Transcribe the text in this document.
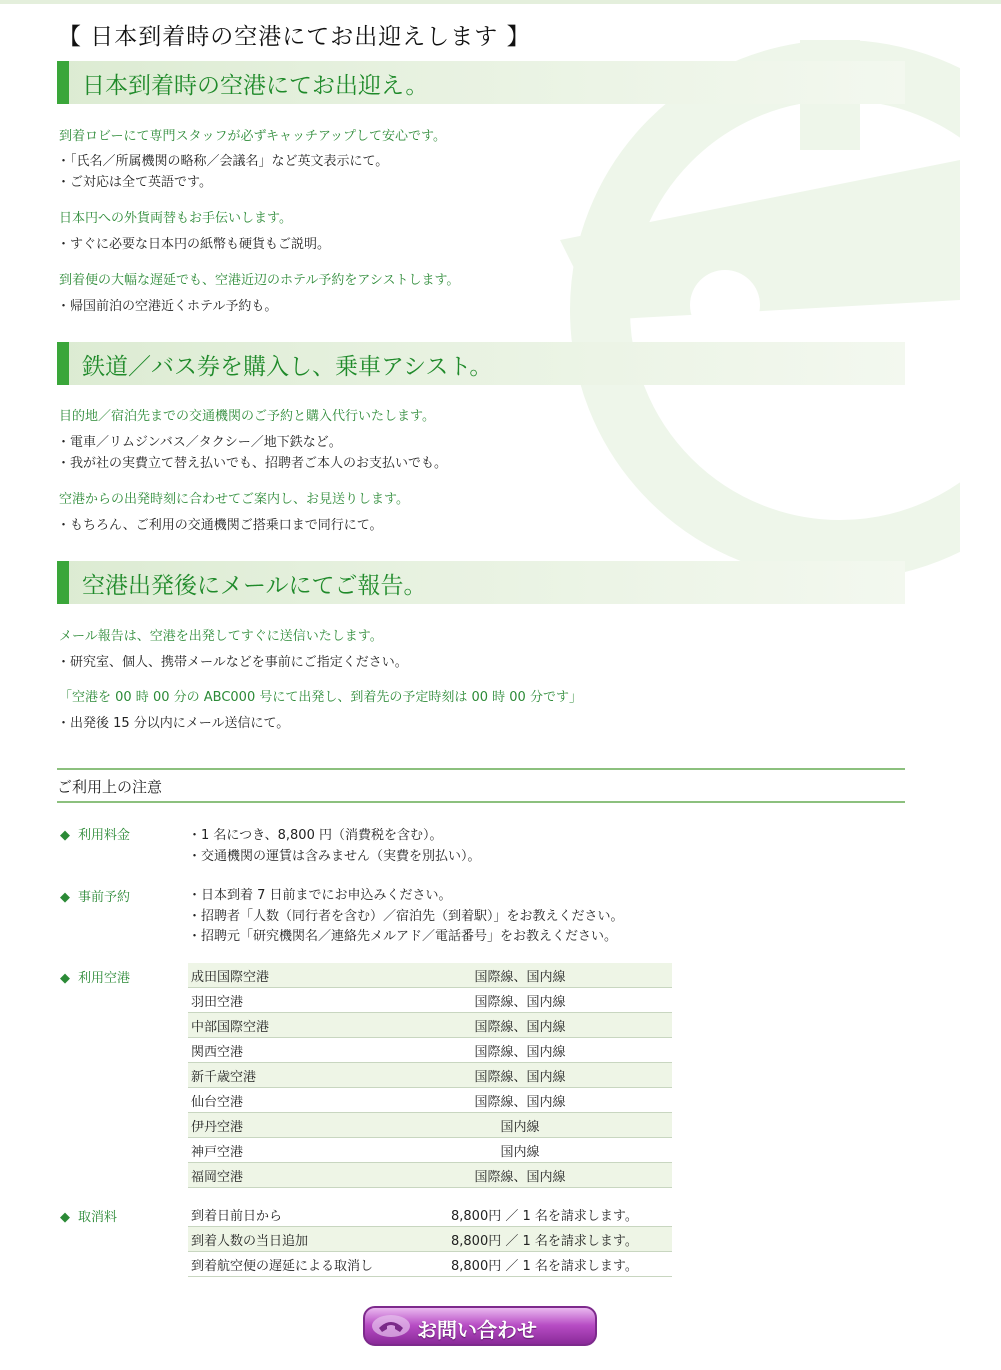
【 日本到着時の空港にてお出迎えします 】
日本到着時の空港にてお出迎え。
到着ロビーにて専門スタッフが必ずキャッチアップして安心です。
・「氏名／所属機関の略称／会議名」など英文表示にて。
・ご対応は全て英語です。
日本円への外貨両替もお手伝いします。
・すぐに必要な日本円の紙幣も硬貨もご説明。
到着便の大幅な遅延でも、空港近辺のホテル予約をアシストします。
・帰国前泊の空港近くホテル予約も。
鉄道／バス券を購入し、乗車アシスト。
目的地／宿泊先までの交通機関のご予約と購入代行いたします。
・電車／リムジンバス／タクシー／地下鉄など。
・我が社の実費立て替え払いでも、招聘者ご本人のお支払いでも。
空港からの出発時刻に合わせてご案内し、お見送りします。
・もちろん、ご利用の交通機関ご搭乗口まで同行にて。
空港出発後にメールにてご報告。
メール報告は、空港を出発してすぐに送信いたします。
・研究室、個人、携帯メールなどを事前にご指定ください。
「空港を 00 時 00 分の ABC000 号にて出発し、到着先の予定時刻は 00 時 00 分です」
・出発後 15 分以内にメール送信にて。
ご利用上の注意
◆ 利用料金	・1 名につき、8,800 円（消費税を含む）。
・交通機関の運賃は含みません（実費を別払い）。
◆ 事前予約	・日本到着 7 日前までにお申込みください。
・招聘者「人数（同行者を含む）／宿泊先（到着駅）」をお教えください。
・招聘元「研究機関名／連絡先メルアド／電話番号」をお教えください。
◆ 利用空港	成田国際空港	国際線、国内線
羽田空港	国際線、国内線
中部国際空港	国際線、国内線
関西空港	国際線、国内線
新千歳空港	国際線、国内線
仙台空港	国際線、国内線
伊丹空港	国内線
神戸空港	国内線
福岡空港	国際線、国内線
◆ 取消料	到着日前日から	8,800円 ／ 1 名を請求します。
到着人数の当日追加	8,800円 ／ 1 名を請求します。
到着航空便の遅延による取消し	8,800円 ／ 1 名を請求します。
お問い合わせ
